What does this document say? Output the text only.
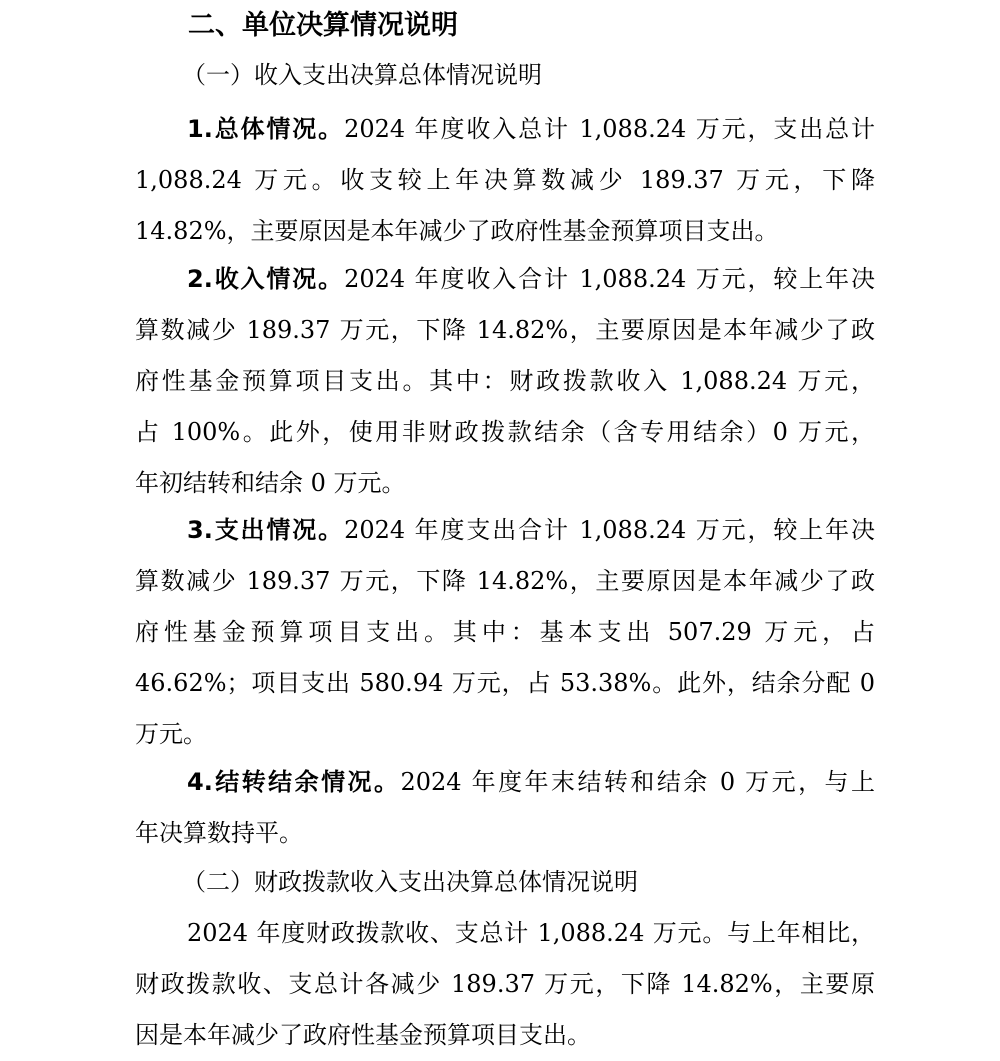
二、单位决算情况说明
（一）收入支出决算总体情况说明
1.总体情况。2024 年度收入总计 1,088.24 万元，支出总计
1,088.24 万元。收支较上年决算数减少 189.37 万元，下降
14.82%，主要原因是本年减少了政府性基金预算项目支出。
2.收入情况。2024 年度收入合计 1,088.24 万元，较上年决
算数减少 189.37 万元，下降 14.82%，主要原因是本年减少了政
府性基金预算项目支出。其中：财政拨款收入 1,088.24 万元，
占 100%。此外，使用非财政拨款结余（含专用结余）0 万元，
年初结转和结余 0 万元。
3.支出情况。2024 年度支出合计 1,088.24 万元，较上年决
算数减少 189.37 万元，下降 14.82%，主要原因是本年减少了政
府性基金预算项目支出。其中：基本支出 507.29 万元，占
46.62%；项目支出 580.94 万元，占 53.38%。此外，结余分配 0
万元。
4.结转结余情况。2024 年度年末结转和结余 0 万元，与上
年决算数持平。
（二）财政拨款收入支出决算总体情况说明
2024 年度财政拨款收、支总计 1,088.24 万元。与上年相比，
财政拨款收、支总计各减少 189.37 万元，下降 14.82%，主要原
因是本年减少了政府性基金预算项目支出。
